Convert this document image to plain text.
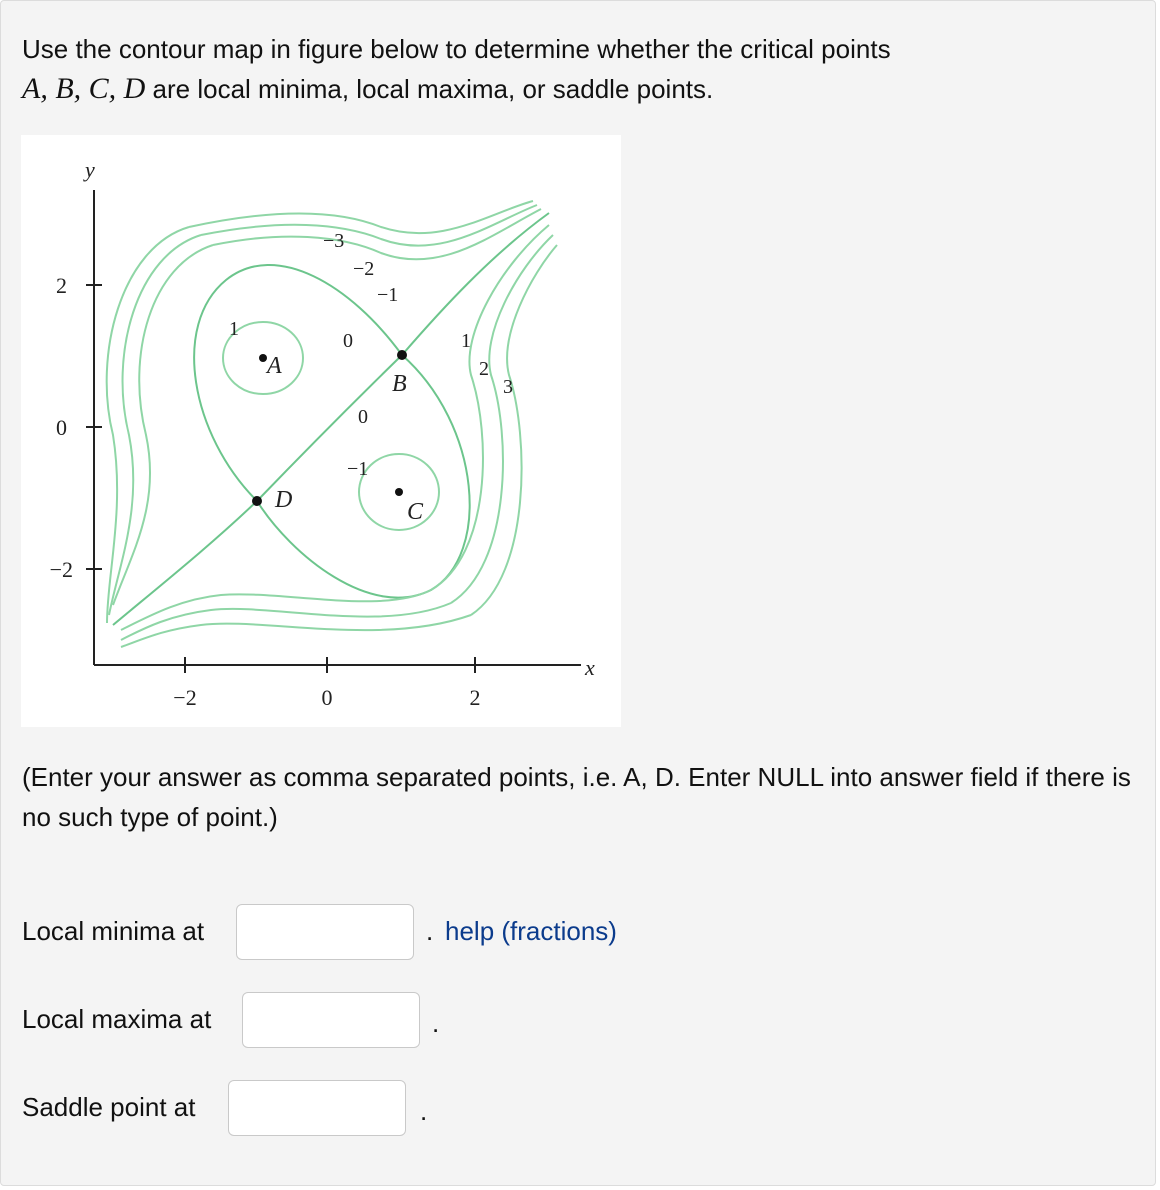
Use the contour map in figure below to determine whether the critical points
A, B, C, D are local minima, local maxima, or saddle points.
x
y
−2	0	2
2
0
−2
A
B
C
D
−3
−2
−1
1
0
0
−1
1
2
3
(Enter your answer as comma separated points, i.e. A, D. Enter NULL into answer field if there is no such type of point.)
Local minima at	. help (fractions)
Local maxima at	.
Saddle point at	.
